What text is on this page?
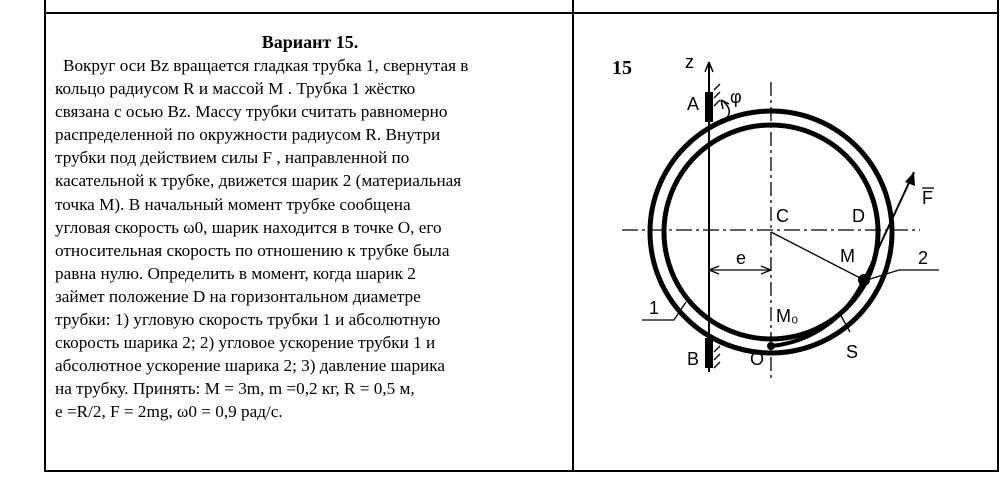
Вариант 15.
Вокруг оси Bz вращается гладкая трубка 1, свернутая в
кольцо радиусом R и массой M . Трубка 1 жёстко
связана с осью Bz. Массу трубки считать равномерно
распределенной по окружности радиусом R. Внутри
трубки под действием силы F , направленной по
касательной к трубке, движется шарик 2 (материальная
точка M). В начальный момент трубке сообщена
угловая скорость ω0, шарик находится в точке O, его
относительная скорость по отношению к трубке была
равна нулю. Определить в момент, когда шарик 2
займет положение D на горизонтальном диаметре
трубки: 1) угловую скорость трубки 1 и абсолютную
скорость шарика 2; 2) угловое ускорение трубки 1 и
абсолютное ускорение шарика 2; 3) давление шарика
на трубку. Принять: M = 3m, m =0,2 кг, R = 0,5 м,
e =R/2, F = 2mg, ω0 = 0,9 рад/с.
15	z
A φ
C	D
F
e	M	2
1	M₀
B	O	S
